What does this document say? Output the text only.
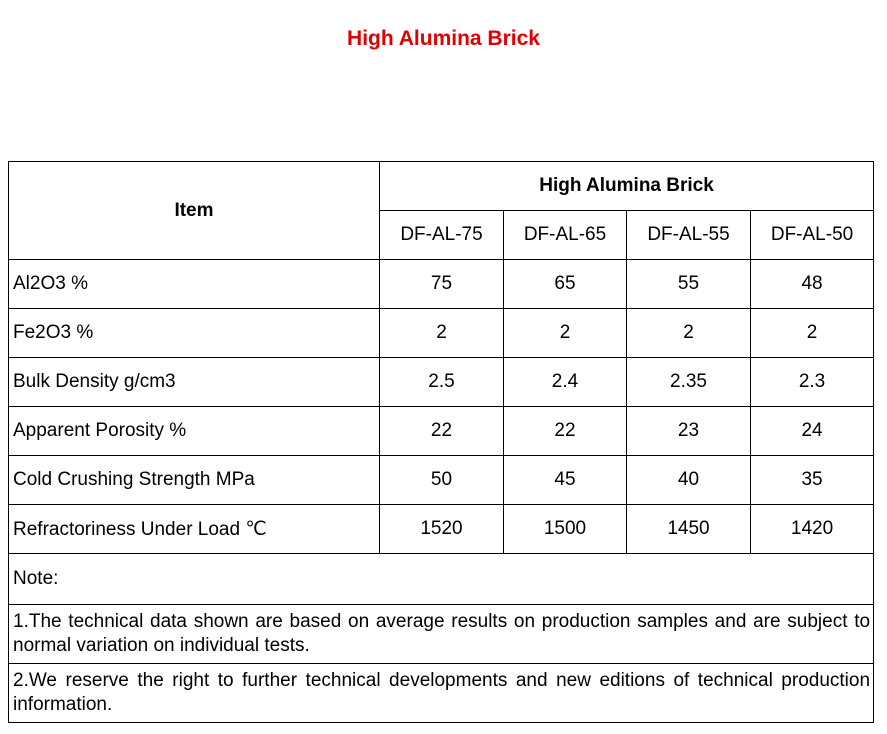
High Alumina Brick
Item	High Alumina Brick			
	DF-AL-75	DF-AL-65	DF-AL-55	DF-AL-50
Al2O3 %	75	65	55	48
Fe2O3 %	2	2	2	2
Bulk Density g/cm3	2.5	2.4	2.35	2.3
Apparent Porosity %	22	22	23	24
Cold Crushing Strength MPa	50	45	40	35
Refractoriness Under Load ℃	1520	1500	1450	1420
Note:				
1.The technical data shown are based on average results on production samples and are subject to normal variation on individual tests.				
2.We reserve the right to further technical developments and new editions of technical production information.				
